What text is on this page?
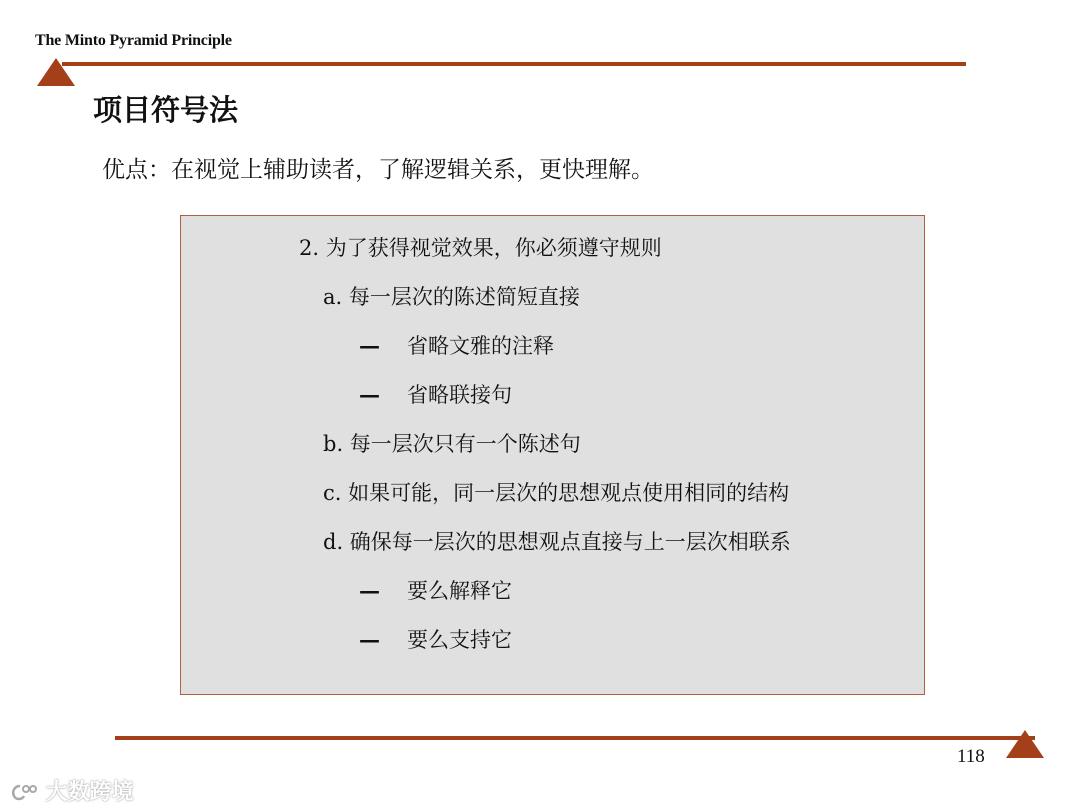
The Minto Pyramid Principle
项目符号法
优点：在视觉上辅助读者，了解逻辑关系，更快理解。
2. 为了获得视觉效果，你必须遵守规则
a. 每一层次的陈述简短直接
— 省略文雅的注释
— 省略联接句
b. 每一层次只有一个陈述句
c. 如果可能，同一层次的思想观点使用相同的结构
d. 确保每一层次的思想观点直接与上一层次相联系
— 要么解释它
— 要么支持它
118
大数跨境
